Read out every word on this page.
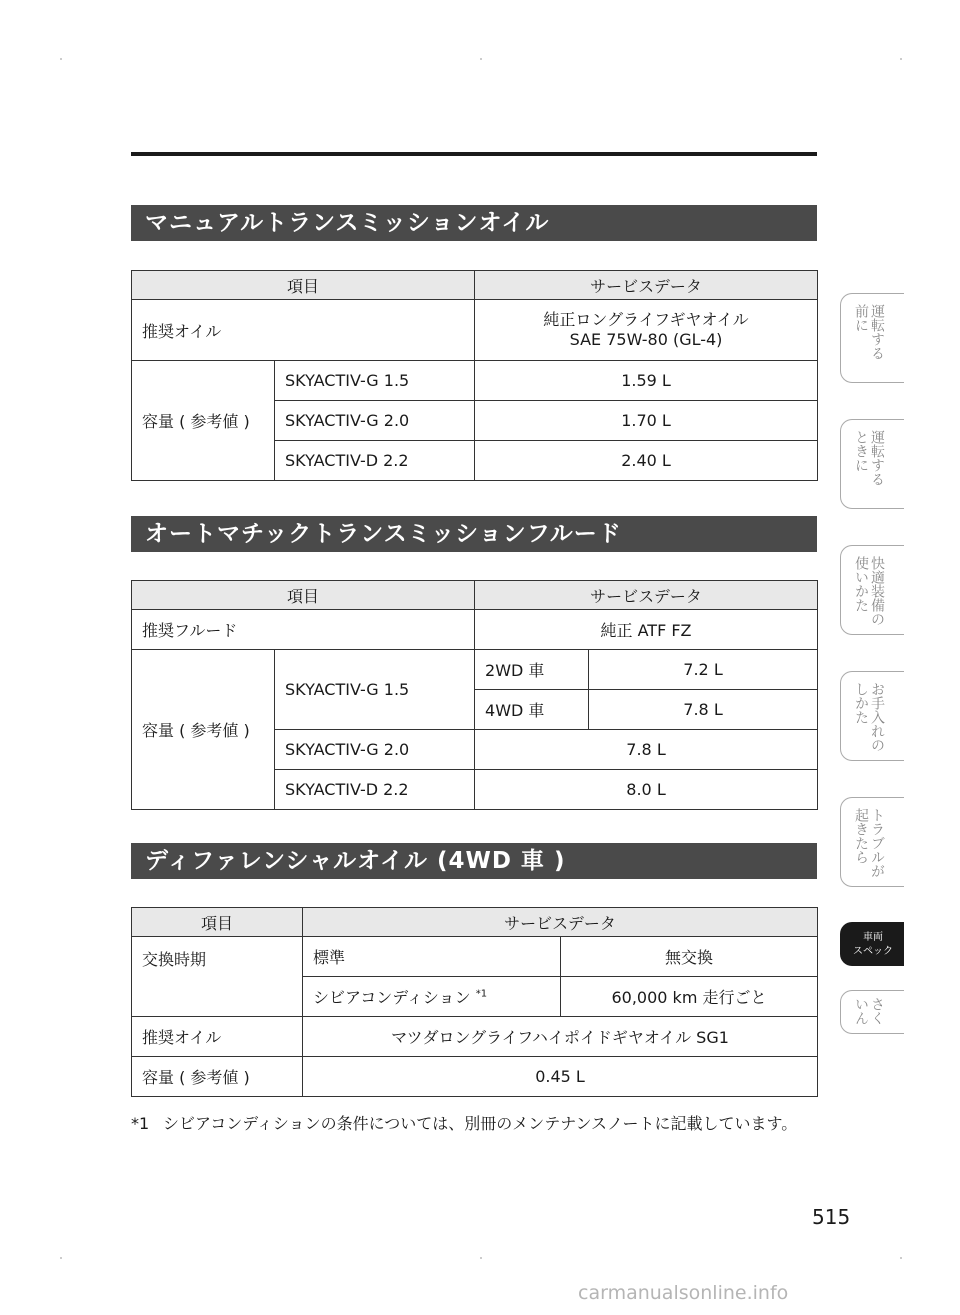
マニュアルトランスミッションオイル
項目		サービスデータ
推奨オイル		純正ロングライフギヤオイル
SAE 75W-80 (GL-4)

容量 ( 参考値 )	SKYACTIV-G 1.5	1.59 L
	SKYACTIV-G 2.0	1.70 L
	SKYACTIV-D 2.2	2.40 L
オートマチックトランスミッションフルード
項目		サービスデータ	
推奨フルード		純正 ATF FZ	
容量 ( 参考値 )	SKYACTIV-G 1.5	2WD 車	7.2 L
		4WD 車	7.8 L
	SKYACTIV-G 2.0	7.8 L	
	SKYACTIV-D 2.2	8.0 L	
ディファレンシャルオイル (4WD 車 )
項目	サービスデータ	
交換時期	標準	無交換
	シビアコンディション $^{*1}$	60,000 km 走行ごと
推奨オイル	マツダロングライフハイポイドギヤオイル SG1	
容量 ( 参考値 )	0.45 L	
*1 シビアコンディションの条件については、別冊のメンテナンスノートに記載しています。
515
運転する
前に
運転する
ときに
快適装備の
使いかた
お手入れの
しかた
トラブルが
起きたら
車両
スペック
さく
いん
carmanualsonline.info
